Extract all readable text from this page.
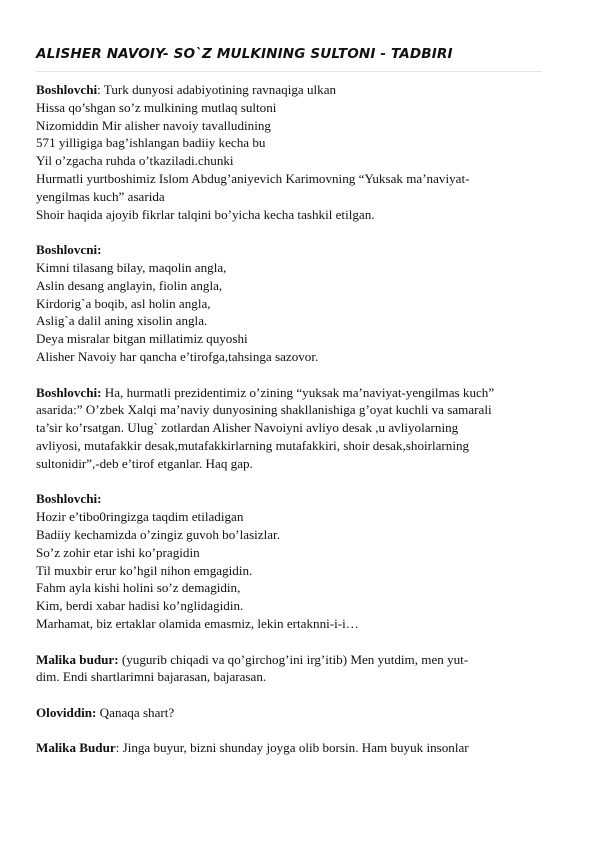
ALISHER NAVOIY- SO`Z MULKINING SULTONI - TADBIRI
Boshlovchi: Turk dunyosi adabiyotining ravnaqiga ulkan
Hissa qo’shgan so’z mulkining mutlaq sultoni
Nizomiddin Mir alisher navoiy tavalludining
571 yilligiga bag’ishlangan badiiy kecha bu
Yil o’zgacha ruhda o’tkaziladi.chunki
Hurmatli yurtboshimiz Islom Abdug’aniyevich Karimovning “Yuksak ma’naviyat-
yengilmas kuch” asarida
Shoir haqida ajoyib fikrlar talqini bo’yicha kecha tashkil etilgan.
Boshlovcni:
Kimni tilasang bilay, maqolin angla,
Aslin desang anglayin, fiolin angla,
Kirdorig`a boqib, asl holin angla,
Aslig`a dalil aning xisolin angla.
Deya misralar bitgan millatimiz quyoshi
Alisher Navoiy har qancha e’tirofga,tahsinga sazovor.
Boshlovchi: Ha, hurmatli prezidentimiz o’zining “yuksak ma’naviyat-yengilmas kuch”
asarida:” O’zbek Xalqi ma’naviy dunyosining shakllanishiga g’oyat kuchli va samarali
ta’sir ko’rsatgan. Ulug` zotlardan Alisher Navoiyni avliyo desak ,u avliyolarning
avliyosi, mutafakkir desak,mutafakkirlarning mutafakkiri, shoir desak,shoirlarning
sultonidir”,-deb e’tirof etganlar. Haq gap.
Boshlovchi:
Hozir e’tibo0ringizga taqdim etiladigan
Badiiy kechamizda o’zingiz guvoh bo’lasizlar.
So’z zohir etar ishi ko’pragidin
Til muxbir erur ko’hgil nihon emgagidin.
Fahm ayla kishi holini so’z demagidin,
Kim, berdi xabar hadisi ko’nglidagidin.
Marhamat, biz ertaklar olamida emasmiz, lekin ertaknni-i-i…
Malika budur: (yugurib chiqadi va qo’girchog’ini irg’itib) Men yutdim, men yut-
dim. Endi shartlarimni bajarasan, bajarasan.
Oloviddin: Qanaqa shart?
Malika Budur: Jinga buyur, bizni shunday joyga olib borsin. Ham buyuk insonlar
